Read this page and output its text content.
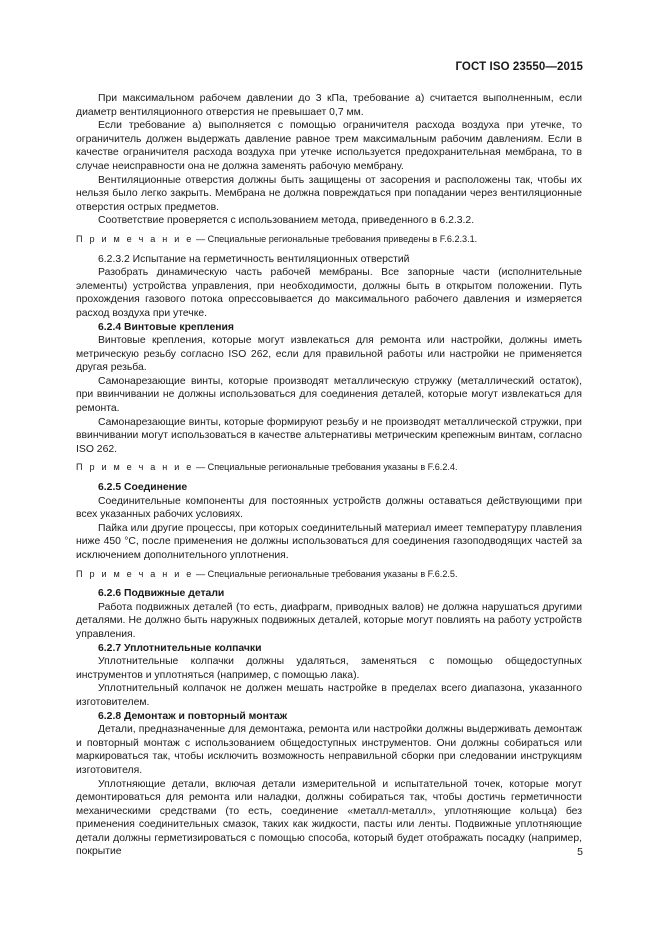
ГОСТ ISO 23550—2015

При максимальном рабочем давлении до 3 кПа, требование а) считается выполненным, если диаметр вентиляционного отверстия не превышает 0,7 мм.

Если требование а) выполняется с помощью ограничителя расхода воздуха при утечке, то ограничитель должен выдержать давление равное трем максимальным рабочим давлениям. Если в качестве ограничителя расхода воздуха при утечке используется предохранительная мембрана, то в случае неисправности она не должна заменять рабочую мембрану.

Вентиляционные отверстия должны быть защищены от засорения и расположены так, чтобы их нельзя было легко закрыть. Мембрана не должна повреждаться при попадании через вентиляционные отверстия острых предметов.

Соответствие проверяется с использованием метода, приведенного в 6.2.3.2.

П р и м е ч а н и е — Специальные региональные требования приведены в F.6.2.3.1.

6.2.3.2 Испытание на герметичность вентиляционных отверстий

Разобрать динамическую часть рабочей мембраны. Все запорные части (исполнительные элементы) устройства управления, при необходимости, должны быть в открытом положении. Путь прохождения газового потока опрессовывается до максимального рабочего давления и измеряется расход воздуха при утечке.

6.2.4 Винтовые крепления

Винтовые крепления, которые могут извлекаться для ремонта или настройки, должны иметь метрическую резьбу согласно ISO 262, если для правильной работы или настройки не применяется другая резьба.

Самонарезающие винты, которые производят металлическую стружку (металлический остаток), при ввинчивании не должны использоваться для соединения деталей, которые могут извлекаться для ремонта.

Самонарезающие винты, которые формируют резьбу и не производят металлической стружки, при ввинчивании могут использоваться в качестве альтернативы метрическим крепежным винтам, согласно ISO 262.

П р и м е ч а н и е — Специальные региональные требования указаны в F.6.2.4.

6.2.5 Соединение

Соединительные компоненты для постоянных устройств должны оставаться действующими при всех указанных рабочих условиях.

Пайка или другие процессы, при которых соединительный материал имеет температуру плавления ниже 450 °С, после применения не должны использоваться для соединения газоподводящих частей за исключением дополнительного уплотнения.

П р и м е ч а н и е — Специальные региональные требования указаны в F.6.2.5.

6.2.6 Подвижные детали

Работа подвижных деталей (то есть, диафрагм, приводных валов) не должна нарушаться другими деталями. Не должно быть наружных подвижных деталей, которые могут повлиять на работу устройств управления.

6.2.7 Уплотнительные колпачки

Уплотнительные колпачки должны удаляться, заменяться с помощью общедоступных инструментов и уплотняться (например, с помощью лака).

Уплотнительный колпачок не должен мешать настройке в пределах всего диапазона, указанного изготовителем.

6.2.8 Демонтаж и повторный монтаж

Детали, предназначенные для демонтажа, ремонта или настройки должны выдерживать демонтаж и повторный монтаж с использованием общедоступных инструментов. Они должны собираться или маркироваться так, чтобы исключить возможность неправильной сборки при следовании инструкциям изготовителя.

Уплотняющие детали, включая детали измерительной и испытательной точек, которые могут демонтироваться для ремонта или наладки, должны собираться так, чтобы достичь герметичности механическими средствами (то есть, соединение «металл-металл», уплотняющие кольца) без применения соединительных смазок, таких как жидкости, пасты или ленты. Подвижные уплотняющие детали должны герметизироваться с помощью способа, который будет отображать посадку (например, покрытие	5
